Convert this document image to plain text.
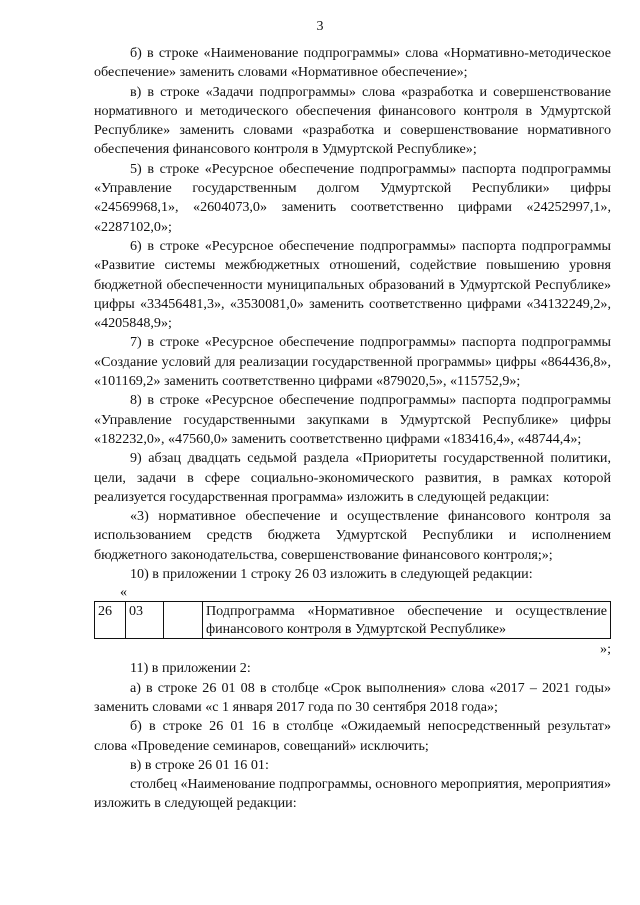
3

б) в строке «Наименование подпрограммы» слова «Нормативно-методическое обеспечение» заменить словами «Нормативное обеспечение»;

в) в строке «Задачи подпрограммы» слова «разработка и совершенствование нормативного и методического обеспечения финансового контроля в Удмуртской Республике» заменить словами «разработка и совершенствование нормативного обеспечения финансового контроля в Удмуртской Республике»;

5) в строке «Ресурсное обеспечение подпрограммы» паспорта подпрограммы «Управление государственным долгом Удмуртской Республики» цифры «24569968,1», «2604073,0» заменить соответственно цифрами «24252997,1», «2287102,0»;

6) в строке «Ресурсное обеспечение подпрограммы» паспорта подпрограммы «Развитие системы межбюджетных отношений, содействие повышению уровня бюджетной обеспеченности муниципальных образований в Удмуртской Республике» цифры «33456481,3», «3530081,0» заменить соответственно цифрами «34132249,2», «4205848,9»;

7) в строке «Ресурсное обеспечение подпрограммы» паспорта подпрограммы «Создание условий для реализации государственной программы» цифры «864436,8», «101169,2» заменить соответственно цифрами «879020,5», «115752,9»;

8) в строке «Ресурсное обеспечение подпрограммы» паспорта подпрограммы «Управление государственными закупками в Удмуртской Республике» цифры «182232,0», «47560,0» заменить соответственно цифрами «183416,4», «48744,4»;

9) абзац двадцать седьмой раздела «Приоритеты государственной политики, цели, задачи в сфере социально-экономического развития, в рамках которой реализуется государственная программа» изложить в следующей редакции:

«3) нормативное обеспечение и осуществление финансового контроля за использованием средств бюджета Удмуртской Республики и исполнением бюджетного законодательства, совершенствование финансового контроля;»;

10) в приложении 1 строку 26 03 изложить в следующей редакции:

«
26	03		Подпрограмма «Нормативное обеспечение и осуществление финансового контроля в Удмуртской Республике»
»;

11) в приложении 2:

а) в строке 26 01 08 в столбце «Срок выполнения» слова «2017 – 2021 годы» заменить словами «с 1 января 2017 года по 30 сентября 2018 года»;

б) в строке 26 01 16 в столбце «Ожидаемый непосредственный результат» слова «Проведение семинаров, совещаний» исключить;

в) в строке 26 01 16 01:

столбец «Наименование подпрограммы, основного мероприятия, мероприятия» изложить в следующей редакции:
